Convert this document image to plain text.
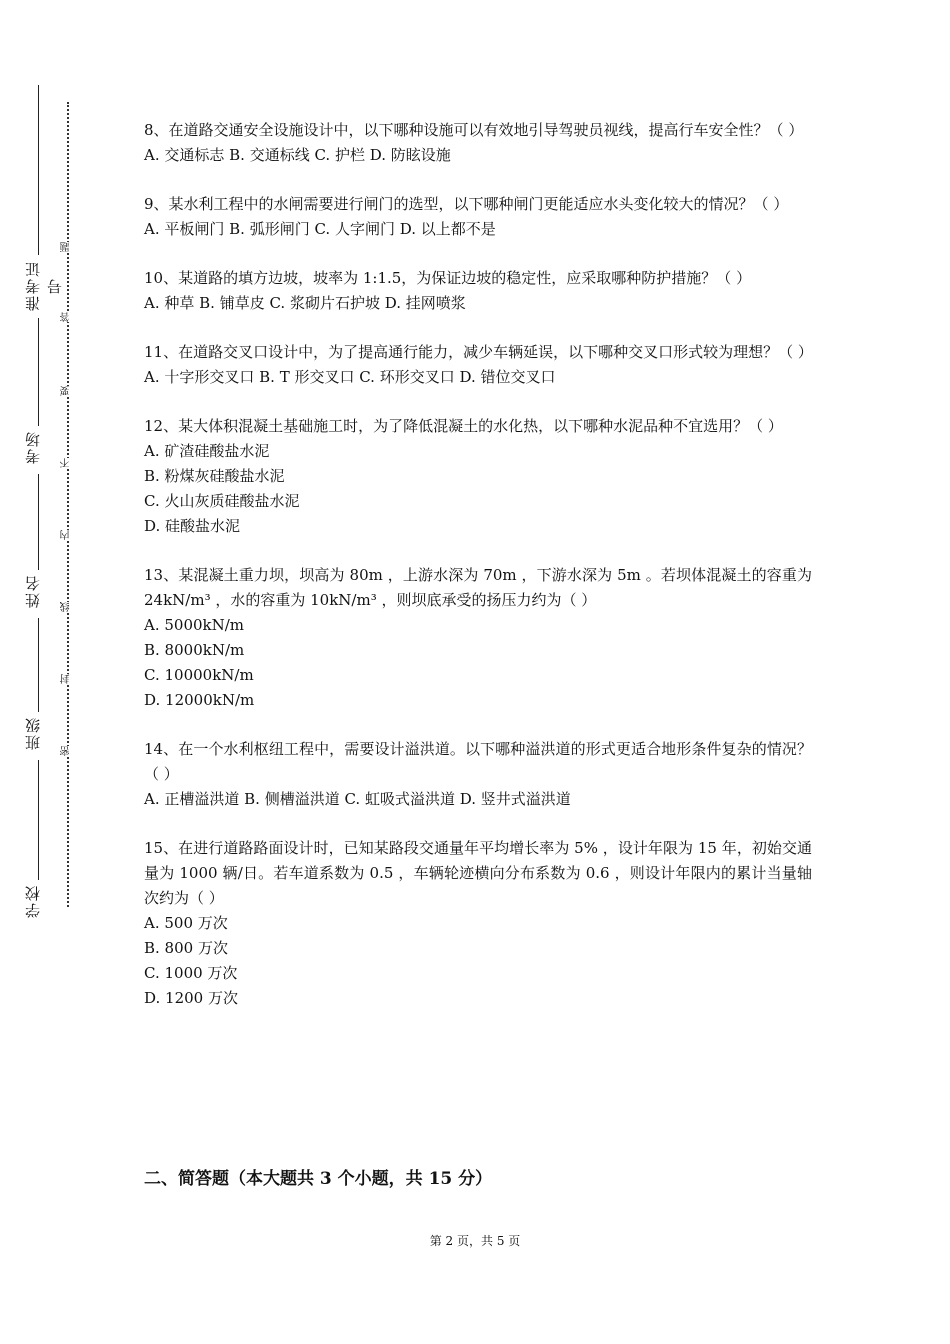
准考证号
考场
姓名
班级
学校
题
答
要
不
内
线
封
密
8、在道路交通安全设施设计中，以下哪种设施可以有效地引导驾驶员视线，提高行车安全性？（ ）
A. 交通标志 B. 交通标线 C. 护栏 D. 防眩设施
9、某水利工程中的水闸需要进行闸门的选型，以下哪种闸门更能适应水头变化较大的情况？（ ）
A. 平板闸门 B. 弧形闸门 C. 人字闸门 D. 以上都不是
10、某道路的填方边坡，坡率为 1:1.5，为保证边坡的稳定性，应采取哪种防护措施？（ ）
A. 种草 B. 铺草皮 C. 浆砌片石护坡 D. 挂网喷浆
11、在道路交叉口设计中，为了提高通行能力，减少车辆延误，以下哪种交叉口形式较为理想？（ ）
A. 十字形交叉口 B. T 形交叉口 C. 环形交叉口 D. 错位交叉口
12、某大体积混凝土基础施工时，为了降低混凝土的水化热，以下哪种水泥品种不宜选用？（ ）
A. 矿渣硅酸盐水泥
B. 粉煤灰硅酸盐水泥
C. 火山灰质硅酸盐水泥
D. 硅酸盐水泥
13、某混凝土重力坝，坝高为 80m ，上游水深为 70m ，下游水深为 5m 。若坝体混凝土的容重为 24kN/m³ ，水的容重为 10kN/m³ ，则坝底承受的扬压力约为（ ）
A. 5000kN/m
B. 8000kN/m
C. 10000kN/m
D. 12000kN/m
14、在一个水利枢纽工程中，需要设计溢洪道。以下哪种溢洪道的形式更适合地形条件复杂的情况？（ ）
A. 正槽溢洪道 B. 侧槽溢洪道 C. 虹吸式溢洪道 D. 竖井式溢洪道
15、在进行道路路面设计时，已知某路段交通量年平均增长率为 5% ，设计年限为 15 年，初始交通量为 1000 辆/日。若车道系数为 0.5 ，车辆轮迹横向分布系数为 0.6 ，则设计年限内的累计当量轴次约为（ ）
A. 500 万次
B. 800 万次
C. 1000 万次
D. 1200 万次
二、简答题（本大题共 3 个小题，共 15 分）
第 2 页，共 5 页
